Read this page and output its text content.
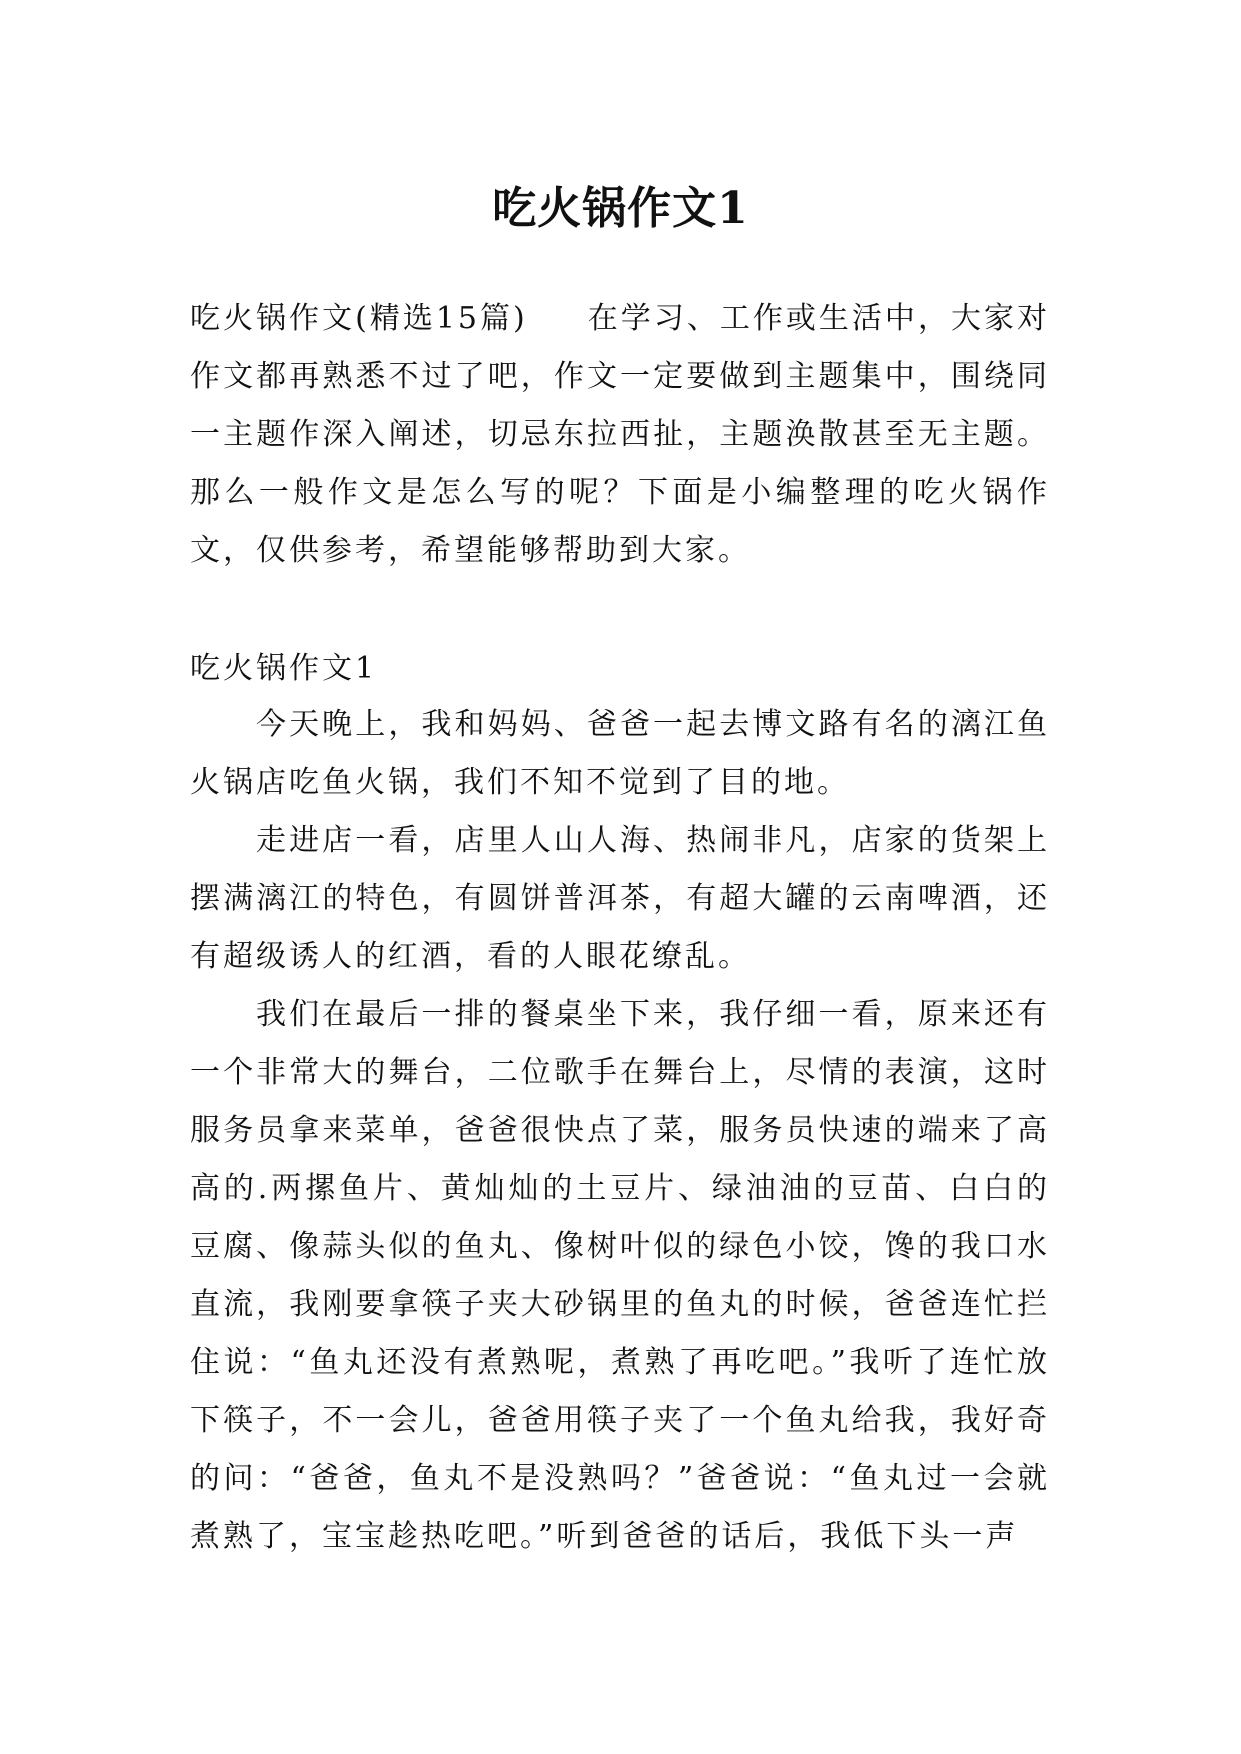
吃火锅作文1

吃火锅作文(精选15篇) 在学习、工作或生活中，大家对作文都再熟悉不过了吧，作文一定要做到主题集中，围绕同一主题作深入阐述，切忌东拉西扯，主题涣散甚至无主题。那么一般作文是怎么写的呢？下面是小编整理的吃火锅作文，仅供参考，希望能够帮助到大家。

吃火锅作文1

今天晚上，我和妈妈、爸爸一起去博文路有名的漓江鱼火锅店吃鱼火锅，我们不知不觉到了目的地。

走进店一看，店里人山人海、热闹非凡，店家的货架上摆满漓江的特色，有圆饼普洱茶，有超大罐的云南啤酒，还有超级诱人的红酒，看的人眼花缭乱。

我们在最后一排的餐桌坐下来，我仔细一看，原来还有一个非常大的舞台，二位歌手在舞台上，尽情的表演，这时服务员拿来菜单，爸爸很快点了菜，服务员快速的端来了高高的.两摞鱼片、黄灿灿的土豆片、绿油油的豆苗、白白的豆腐、像蒜头似的鱼丸、像树叶似的绿色小饺，馋的我口水直流，我刚要拿筷子夹大砂锅里的鱼丸的时候，爸爸连忙拦住说：“鱼丸还没有煮熟呢，煮熟了再吃吧。”我听了连忙放下筷子，不一会儿，爸爸用筷子夹了一个鱼丸给我，我好奇的问：“爸爸，鱼丸不是没熟吗？”爸爸说：“鱼丸过一会就煮熟了，宝宝趁热吃吧。”听到爸爸的话后，我低下头一声
